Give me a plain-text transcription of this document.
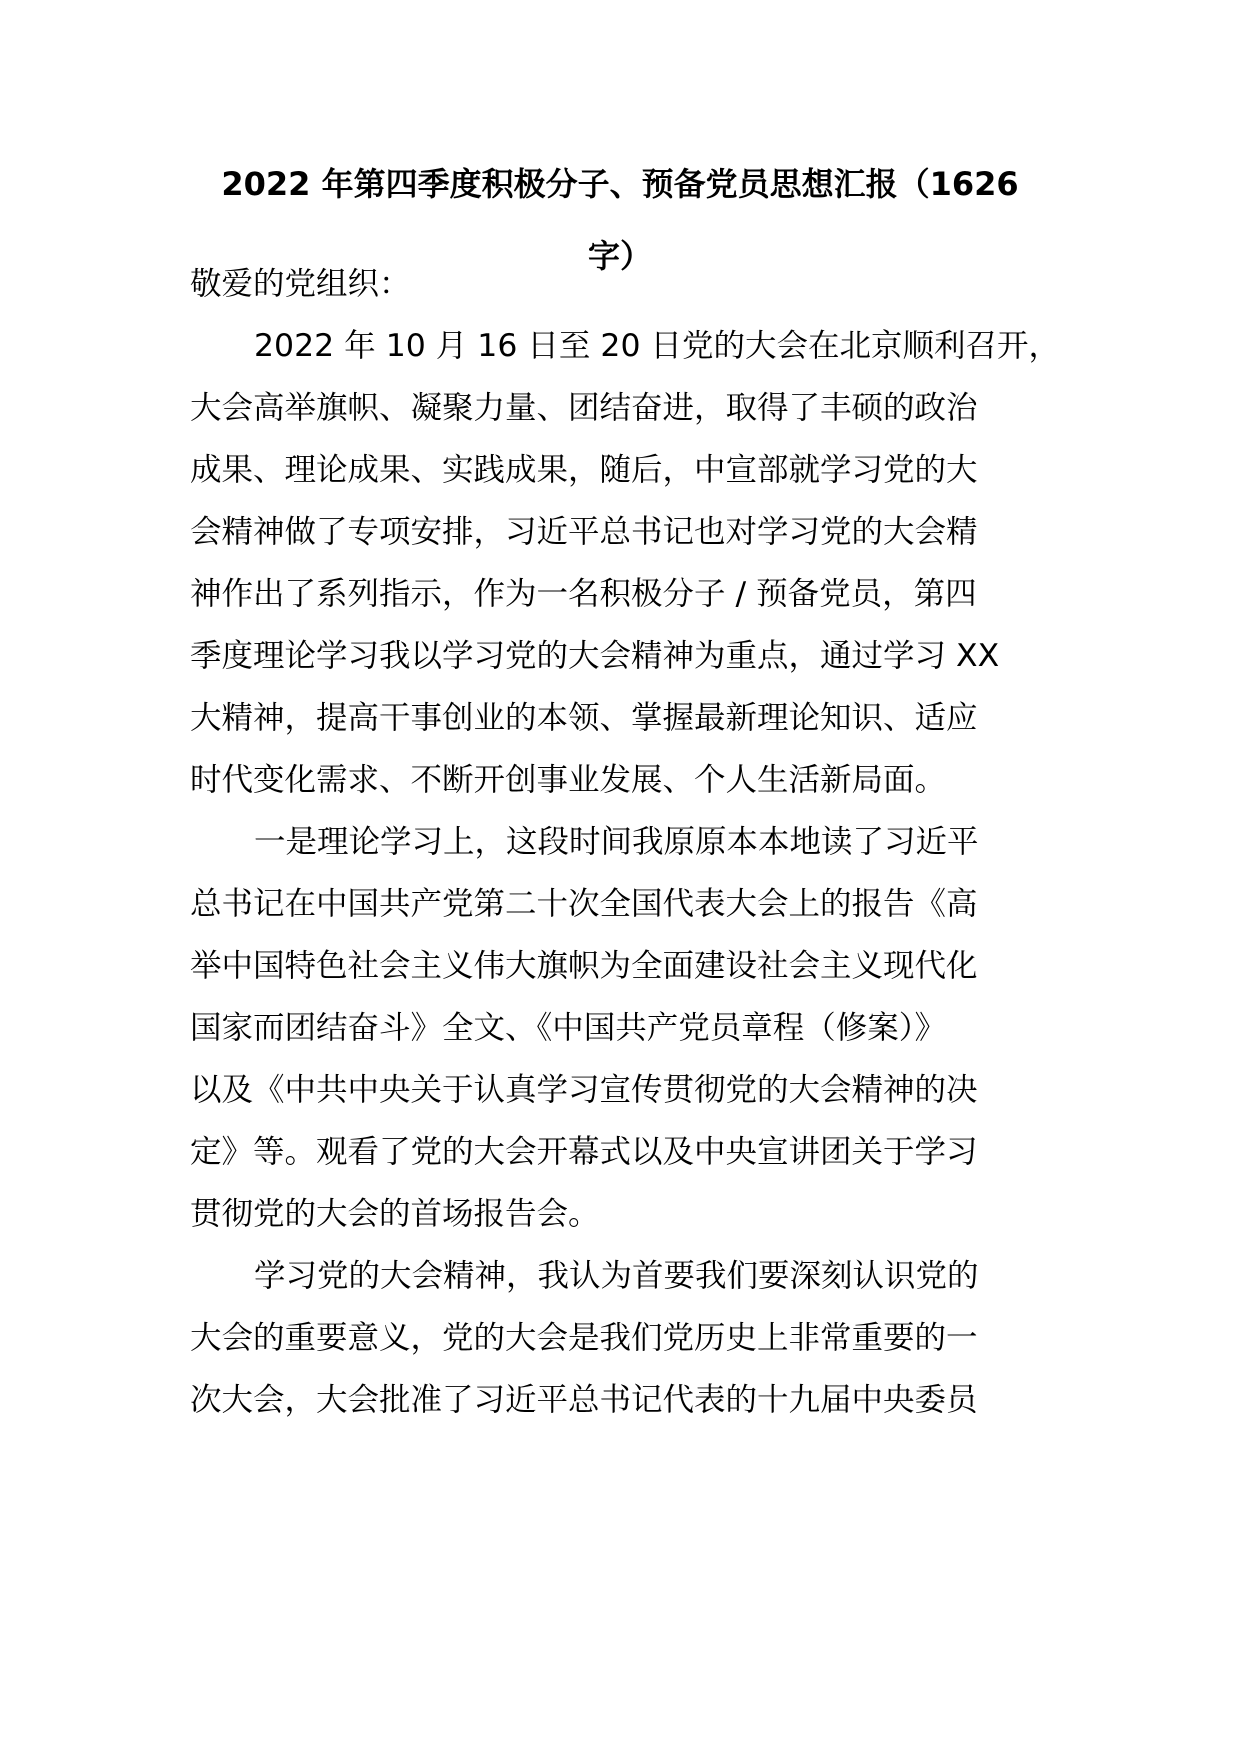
2022 年第四季度积极分子、预备党员思想汇报（1626
字）

敬爱的党组织：

2022 年 10 月 16 日至 20 日党的大会在北京顺利召开，

大会高举旗帜、凝聚力量、团结奋进，取得了丰硕的政治

成果、理论成果、实践成果，随后，中宣部就学习党的大

会精神做了专项安排，习近平总书记也对学习党的大会精

神作出了系列指示，作为一名积极分子 / 预备党员，第四

季度理论学习我以学习党的大会精神为重点，通过学习 XX

大精神，提高干事创业的本领、掌握最新理论知识、适应

时代变化需求、不断开创事业发展、个人生活新局面。

一是理论学习上，这段时间我原原本本地读了习近平

总书记在中国共产党第二十次全国代表大会上的报告《高

举中国特色社会主义伟大旗帜为全面建设社会主义现代化

国家而团结奋斗》全文、《中国共产党员章程（修案）》

以及《中共中央关于认真学习宣传贯彻党的大会精神的决

定》等。观看了党的大会开幕式以及中央宣讲团关于学习

贯彻党的大会的首场报告会。

学习党的大会精神，我认为首要我们要深刻认识党的

大会的重要意义，党的大会是我们党历史上非常重要的一

次大会，大会批准了习近平总书记代表的十九届中央委员
